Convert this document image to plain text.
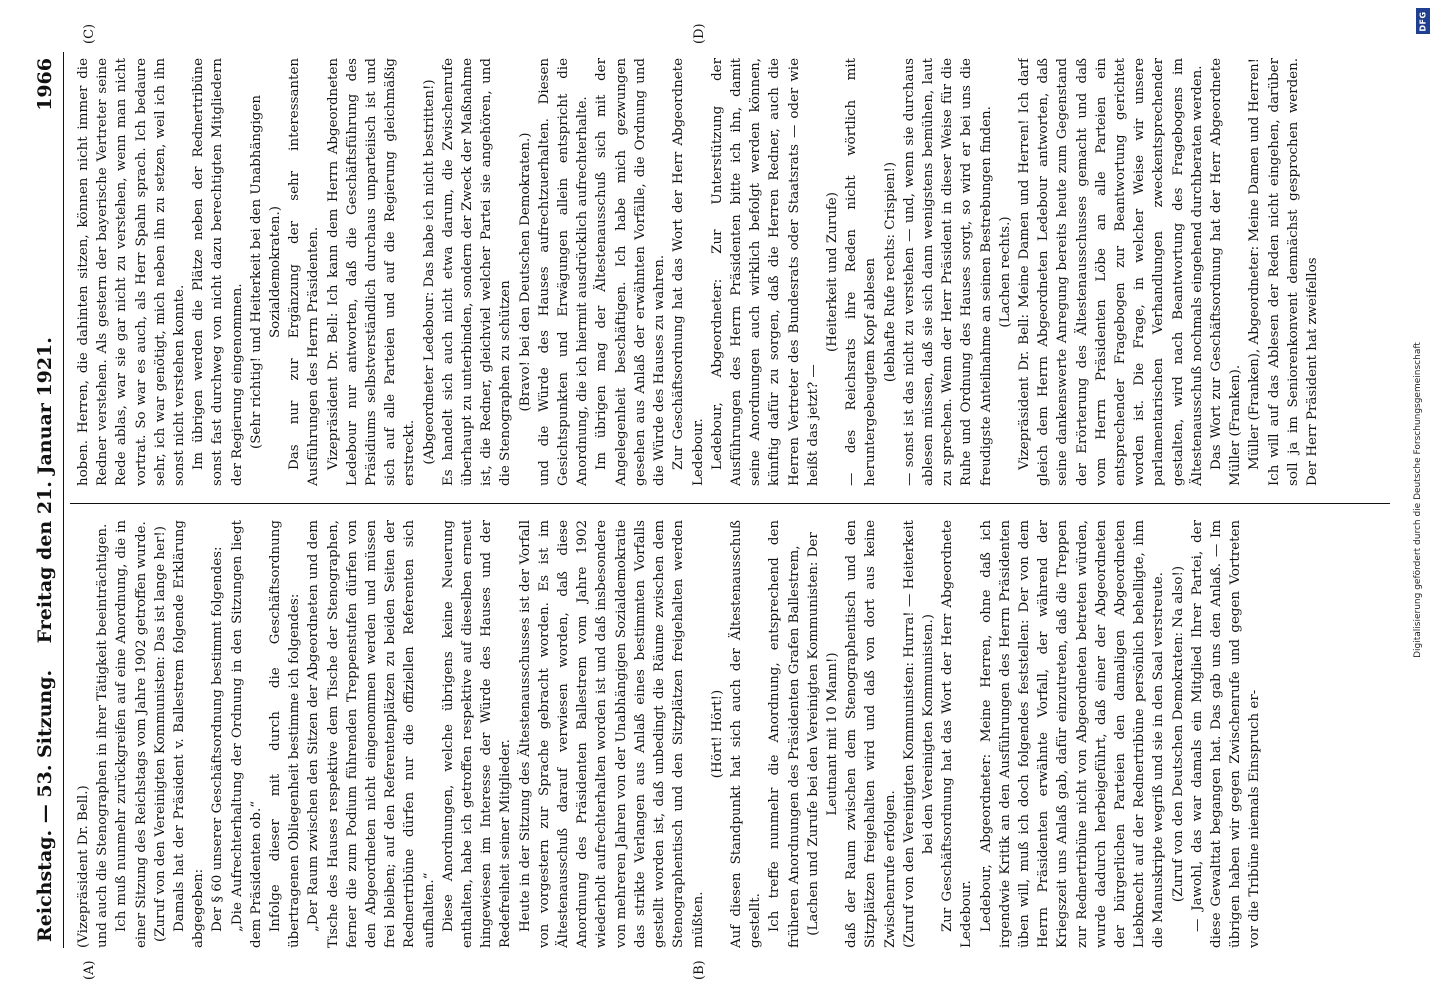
Reichstag. — 53. Sitzung.    Freitag den 21. Januar 1921.
1966

(Vizepräsident Dr. Bell.) und auch die Stenographen in ihrer Tätigkeit beeinträchtigen. Ich muß nunmehr zurückgreifen auf eine Anordnung, die in einer Sitzung des Reichstags vom Jahre 1902 getroffen wurde. (Zuruf von den Vereinigten Kommunisten: Das ist lange her!) Damals hat der Präsident v. Ballestrem folgende Erklärung abgegeben: Der § 60 unserer Geschäftsordnung bestimmt folgendes: „Die Aufrechterhaltung der Ordnung in den Sitzungen liegt dem Präsidenten ob.“ Infolge dieser mit durch die Geschäftsordnung übertragenen Obliegenheit bestimme ich folgendes: „Der Raum zwischen den Sitzen der Abgeordneten und dem Tische des Hauses respektive dem Tische der Stenographen, ferner die zum Podium führenden Treppenstufen dürfen von den Abgeordneten nicht eingenommen werden und müssen frei bleiben; auf den Referentenplätzen zu beiden Seiten der Rednertribüne dürfen nur die offiziellen Referenten sich aufhalten.“ Diese Anordnungen, welche übrigens keine Neuerung enthalten, habe ich getroffen respektive auf dieselben erneut hingewiesen im Interesse der Würde des Hauses und der Redefreiheit seiner Mitglieder. Heute in der Sitzung des Ältestenausschusses ist der Vorfall von vorgestern zur Sprache gebracht worden. Es ist im Ältestenausschuß darauf verwiesen worden, daß diese Anordnung des Präsidenten Ballestrem vom Jahre 1902 wiederholt aufrechterhalten worden ist und daß insbesondere von mehreren Jahren von der Unabhängigen Sozialdemokratie das strikte Verlangen aus Anlaß eines bestimmten Vorfalls gestellt worden ist, daß unbedingt die Räume zwischen dem Stenographentisch und den Sitzplätzen freigehalten werden müßten.

(Hört! Hört!) Auf diesen Standpunkt hat sich auch der Ältestenausschuß gestellt. Ich treffe nunmehr die Anordnung, entsprechend den früheren Anordnungen des Präsidenten Grafen Ballestrem, (Lachen und Zurufe bei den Vereinigten Kommunisten: Der Leutnant mit 10 Mann!) daß der Raum zwischen dem Stenographentisch und den Sitzplätzen freigehalten wird und daß von dort aus keine Zwischenrufe erfolgen. (Zuruf von den Vereinigten Kommunisten: Hurra! — Heiterkeit bei den Vereinigten Kommunisten.) Zur Geschäftsordnung hat das Wort der Herr Abgeordnete Ledebour. Ledebour, Abgeordneter: Meine Herren, ohne daß ich irgendwie Kritik an den Ausführungen des Herrn Präsidenten üben will, muß ich doch folgendes feststellen: Der von dem Herrn Präsidenten erwähnte Vorfall, der während der Kriegszeit uns Anlaß gab, dafür einzutreten, daß die Treppen zur Rednertribüne nicht von Abgeordneten betreten würden, wurde dadurch herbeigeführt, daß einer der Abgeordneten der bürgerlichen Parteien den damaligen Abgeordneten Liebknecht auf der Rednertribüne persönlich behelligte, ihm die Manuskripte wegriß und sie in den Saal verstreute. (Zuruf von den Deutschen Demokraten: Na also!) — Jawohl, das war damals ein Mitglied Ihrer Partei, der diese Gewalttat begangen hat. Das gab uns den Anlaß. — Im übrigen haben wir gegen Zwischenrufe und gegen Vortreten vor die Tribüne niemals Einspruch er-

hoben. Herren, die dahinten sitzen, können nicht immer die Redner verstehen. Als gestern der bayerische Vertreter seine Rede ablas, war sie gar nicht zu verstehen, wenn man nicht vortrat. So war es auch, als Herr Spahn sprach. Ich bedaure sehr, ich war genötigt, mich neben ihn zu setzen, weil ich ihn sonst nicht verstehen konnte. Im übrigen werden die Plätze neben der Rednertribüne sonst fast durchweg von nicht dazu berechtigten Mitgliedern der Regierung eingenommen. (Sehr richtig! und Heiterkeit bei den Unabhängigen Sozialdemokraten.) Das nur zur Ergänzung der sehr interessanten Ausführungen des Herrn Präsidenten. Vizepräsident Dr. Bell: Ich kann dem Herrn Abgeordneten Ledebour nur antworten, daß die Geschäftsführung des Präsidiums selbstverständlich durchaus unparteiisch ist und sich auf alle Parteien und auf die Regierung gleichmäßig erstreckt. (Abgeordneter Ledebour: Das habe ich nicht bestritten!) Es handelt sich auch nicht etwa darum, die Zwischenrufe überhaupt zu unterbinden, sondern der Zweck der Maßnahme ist, die Redner, gleichviel welcher Partei sie angehören, und die Stenographen zu schützen (Bravo! bei den Deutschen Demokraten.) und die Würde des Hauses aufrechtzuerhalten. Diesen Gesichtspunkten und Erwägungen allein entspricht die Anordnung, die ich hiermit ausdrücklich aufrechterhalte. Im übrigen mag der Ältestenausschuß sich mit der Angelegenheit beschäftigen. Ich habe mich gezwungen gesehen aus Anlaß der erwähnten Vorfälle, die Ordnung und die Würde des Hauses zu wahren. Zur Geschäftsordnung hat das Wort der Herr Abgeordnete Ledebour. Ledebour, Abgeordneter: Zur Unterstützung der Ausführungen des Herrn Präsidenten bitte ich ihn, damit seine Anordnungen auch wirklich befolgt werden können, künftig dafür zu sorgen, daß die Herren Redner, auch die Herren Vertreter des Bundesrats oder Staatsrats — oder wie heißt das jetzt? —

(Heiterkeit und Zurufe) — des Reichsrats ihre Reden nicht wörtlich mit heruntergebeugtem Kopf ablesen (lebhafte Rufe rechts: Crispien!) — sonst ist das nicht zu verstehen — und, wenn sie durchaus ablesen müssen, daß sie sich dann wenigstens bemühen, laut zu sprechen. Wenn der Herr Präsident in dieser Weise für die Ruhe und Ordnung des Hauses sorgt, so wird er bei uns die freudigste Anteilnahme an seinen Bestrebungen finden. (Lachen rechts.) Vizepräsident Dr. Bell: Meine Damen und Herren! Ich darf gleich dem Herrn Abgeordneten Ledebour antworten, daß seine dankenswerte Anregung bereits heute zum Gegenstand der Erörterung des Ältestenausschusses gemacht und daß vom Herrn Präsidenten Löbe an alle Parteien ein entsprechender Fragebogen zur Beantwortung gerichtet worden ist. Die Frage, in welcher Weise wir unsere parlamentarischen Verhandlungen zweckentsprechender gestalten, wird nach Beantwortung des Fragebogens im Ältestenausschuß nochmals eingehend durchberaten werden. Das Wort zur Geschäftsordnung hat der Herr Abgeordnete Müller (Franken). Müller (Franken), Abgeordneter: Meine Damen und Herren! Ich will auf das Ablesen der Reden nicht eingehen, darüber soll ja im Seniorenkonvent demnächst gesprochen werden. Der Herr Präsident hat zweifellos

(A)	(B)
(C)	(D)
Digitalisierung gefördert durch die Deutsche Forschungsgemeinschaft
DFG
